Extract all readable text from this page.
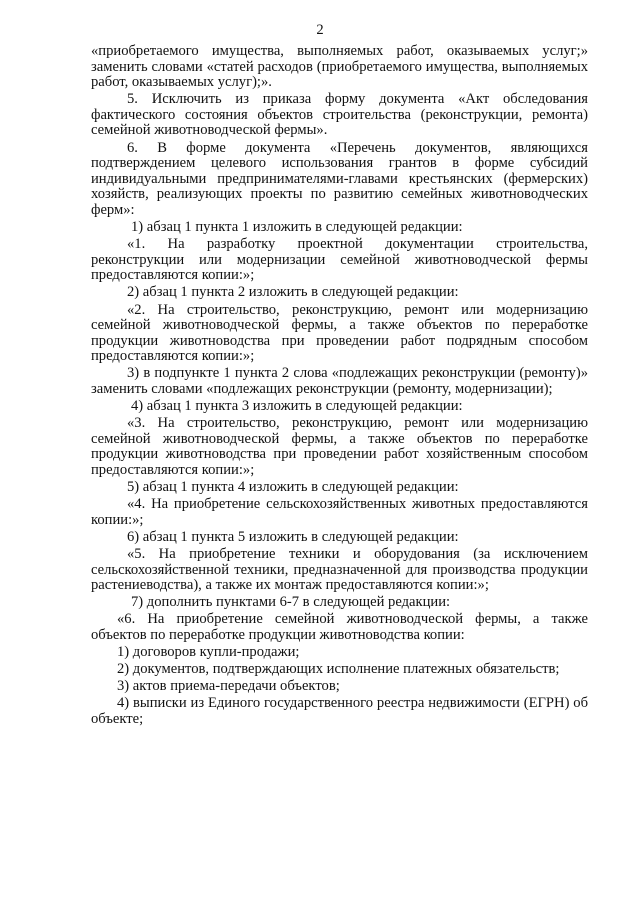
2

«приобретаемого имущества, выполняемых работ, оказываемых услуг;» заменить словами «статей расходов (приобретаемого имущества, выполняемых работ, оказываемых услуг);».

5. Исключить из приказа форму документа «Акт обследования фактического состояния объектов строительства (реконструкции, ремонта) семейной животноводческой фермы».

6. В форме документа «Перечень документов, являющихся подтверждением целевого использования грантов в форме субсидий индивидуальными предпринимателями-главами крестьянских (фермерских) хозяйств, реализующих проекты по развитию семейных животноводческих ферм»:

1) абзац 1 пункта 1 изложить в следующей редакции:

«1. На разработку проектной документации строительства, реконструкции или модернизации семейной животноводческой фермы предоставляются копии:»;

2) абзац 1 пункта 2 изложить в следующей редакции:

«2. На строительство, реконструкцию, ремонт или модернизацию семейной животноводческой фермы, а также объектов по переработке продукции животноводства при проведении работ подрядным способом предоставляются копии:»;

3) в подпункте 1 пункта 2 слова «подлежащих реконструкции (ремонту)» заменить словами «подлежащих реконструкции (ремонту, модернизации);

4) абзац 1 пункта 3 изложить в следующей редакции:

«3. На строительство, реконструкцию, ремонт или модернизацию семейной животноводческой фермы, а также объектов по переработке продукции животноводства при проведении работ хозяйственным способом предоставляются копии:»;

5) абзац 1 пункта 4 изложить в следующей редакции:

«4. На приобретение сельскохозяйственных животных предоставляются копии:»;

6) абзац 1 пункта 5 изложить в следующей редакции:

«5. На приобретение техники и оборудования (за исключением сельскохозяйственной техники, предназначенной для производства продукции растениеводства), а также их монтаж предоставляются копии:»;

7) дополнить пунктами 6-7 в следующей редакции:

«6. На приобретение семейной животноводческой фермы, а также объектов по переработке продукции животноводства копии:

1) договоров купли-продажи;

2) документов, подтверждающих исполнение платежных обязательств;

3) актов приема-передачи объектов;

4) выписки из Единого государственного реестра недвижимости (ЕГРН) об объекте;
